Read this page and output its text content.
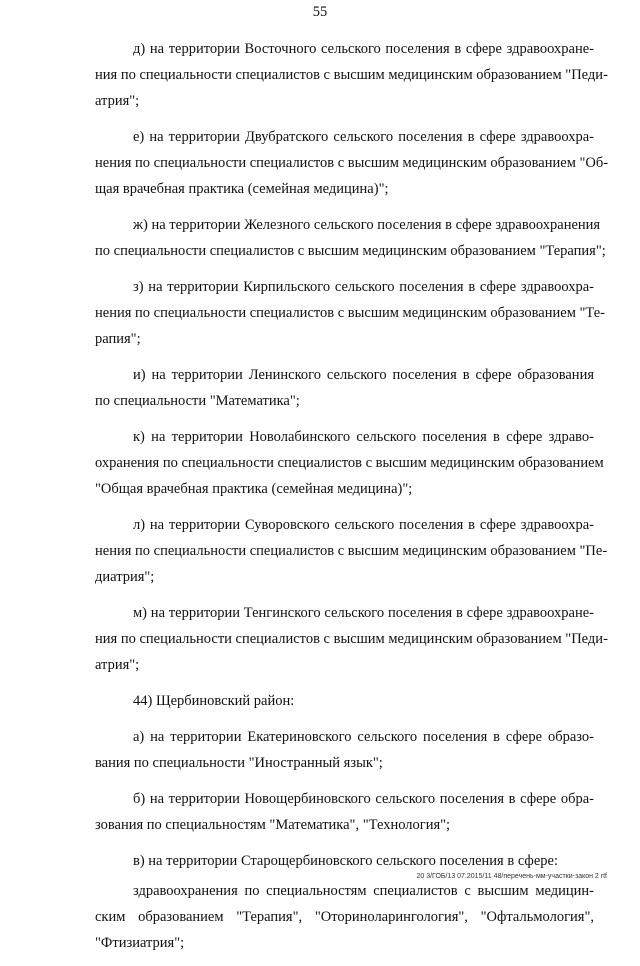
55
д) на территории Восточного сельского поселения в сфере здравоохране-
ния по специальности специалистов с высшим медицинским образованием "Педи-
атрия";
е) на территории Двубратского сельского поселения в сфере здравоохра-
нения по специальности специалистов с высшим медицинским образованием "Об-
щая врачебная практика (семейная медицина)";
ж) на территории Железного сельского поселения в сфере здравоохранения
по специальности специалистов с высшим медицинским образованием "Терапия";
з) на территории Кирпильского сельского поселения в сфере здравоохра-
нения по специальности специалистов с высшим медицинским образованием "Те-
рапия";
и) на территории Ленинского сельского поселения в сфере образования
по специальности "Математика";
к) на территории Новолабинского сельского поселения в сфере здраво-
охранения по специальности специалистов с высшим медицинским образованием
"Общая врачебная практика (семейная медицина)";
л) на территории Суворовского сельского поселения в сфере здравоохра-
нения по специальности специалистов с высшим медицинским образованием "Пе-
диатрия";
м) на территории Тенгинского сельского поселения в сфере здравоохране-
ния по специальности специалистов с высшим медицинским образованием "Педи-
атрия";
44) Щербиновский район:
а) на территории Екатериновского сельского поселения в сфере образо-
вания по специальности "Иностранный язык";
б) на территории Новощербиновского сельского поселения в сфере обра-
зования по специальностям "Математика", "Технология";
в) на территории Старощербиновского сельского поселения в сфере:
здравоохранения по специальностям специалистов с высшим медицин-
ским образованием "Терапия", "Оториноларингология", "Офтальмология",
"Фтизиатрия";
20 3/ГОБ/13 07.2015/11 48/перечень-мм-участки-закон 2 rtf
